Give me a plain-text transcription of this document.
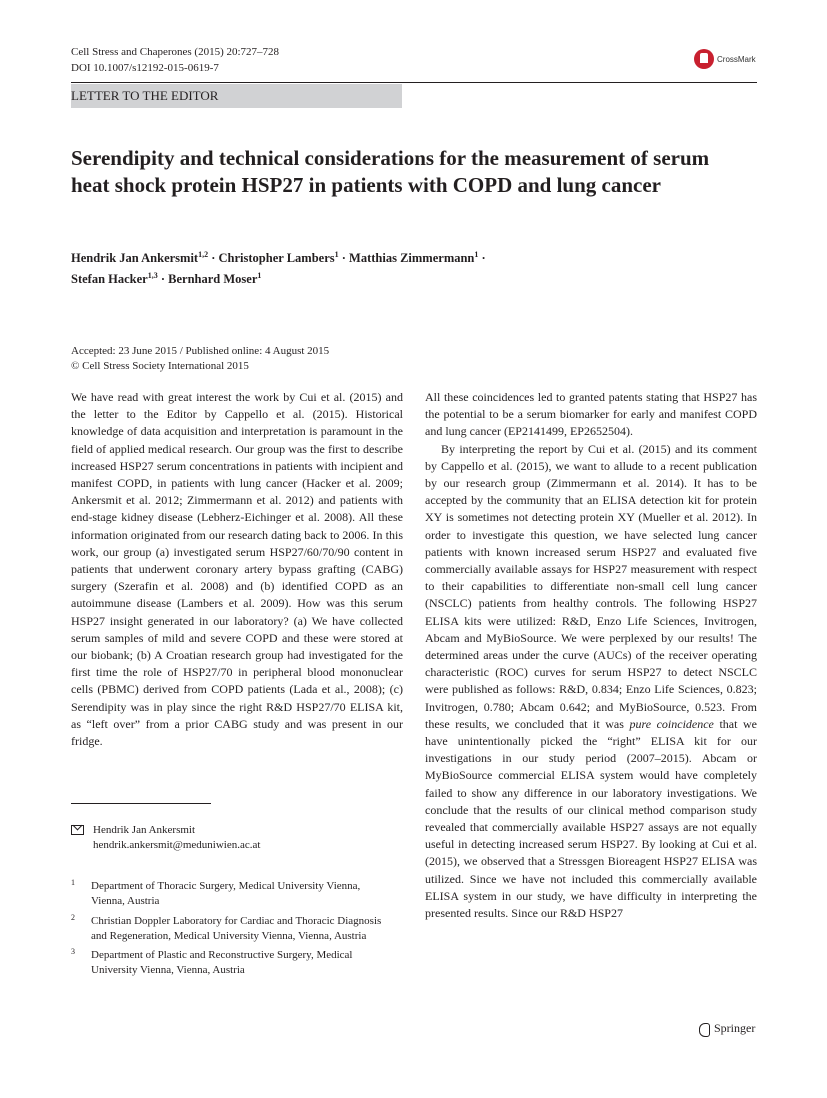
Cell Stress and Chaperones (2015) 20:727–728
DOI 10.1007/s12192-015-0619-7
CrossMark
LETTER TO THE EDITOR
Serendipity and technical considerations for the measurement of serum heat shock protein HSP27 in patients with COPD and lung cancer
Hendrik Jan Ankersmit$^{1,2}$ · Christopher Lambers$^1$ · Matthias Zimmermann$^1$ ·
Stefan Hacker$^{1,3}$ · Bernhard Moser$^1$
Accepted: 23 June 2015 / Published online: 4 August 2015
© Cell Stress Society International 2015

We have read with great interest the work by Cui et al. (2015) and the letter to the Editor by Cappello et al. (2015). Historical knowledge of data acquisition and interpretation is paramount in the field of applied medical research. Our group was the first to describe increased HSP27 serum concentrations in patients with incipient and manifest COPD, in patients with lung cancer (Hacker et al. 2009; Ankersmit et al. 2012; Zimmermann et al. 2012) and patients with end-stage kidney disease (Lebherz-Eichinger et al. 2008). All these information originated from our research dating back to 2006. In this work, our group (a) investigated serum HSP27/60/70/90 content in patients that underwent coronary artery bypass grafting (CABG) surgery (Szerafin et al. 2008) and (b) identified COPD as an autoimmune disease (Lambers et al. 2009). How was this serum HSP27 insight generated in our laboratory? (a) We have collected serum samples of mild and severe COPD and these were stored at our biobank; (b) A Croatian research group had investigated for the first time the role of HSP27/70 in peripheral blood mononuclear cells (PBMC) derived from COPD patients (Lada et al., 2008); (c) Serendipity was in play since the right R&D HSP27/70 ELISA kit, as “left over” from a prior CABG study and was present in our fridge.

All these coincidences led to granted patents stating that HSP27 has the potential to be a serum biomarker for early and manifest COPD and lung cancer (EP2141499, EP2652504).

By interpreting the report by Cui et al. (2015) and its comment by Cappello et al. (2015), we want to allude to a recent publication by our research group (Zimmermann et al. 2014). It has to be accepted by the community that an ELISA detection kit for protein XY is sometimes not detecting protein XY (Mueller et al. 2012). In order to investigate this question, we have selected lung cancer patients with known increased serum HSP27 and evaluated five commercially available assays for HSP27 measurement with respect to their capabilities to differentiate non-small cell lung cancer (NSCLC) patients from healthy controls. The following HSP27 ELISA kits were utilized: R&D, Enzo Life Sciences, Invitrogen, Abcam and MyBioSource. We were perplexed by our results! The determined areas under the curve (AUCs) of the receiver operating characteristic (ROC) curves for serum HSP27 to detect NSCLC were published as follows: R&D, 0.834; Enzo Life Sciences, 0.823; Invitrogen, 0.780; Abcam 0.642; and MyBioSource, 0.523. From these results, we concluded that it was pure coincidence that we have unintentionally picked the “right” ELISA kit for our investigations in our study period (2007–2015). Abcam or MyBioSource commercial ELISA system would have completely failed to show any difference in our laboratory investigations. We conclude that the results of our clinical method comparison study revealed that commercially available HSP27 assays are not equally useful in detecting increased serum HSP27. By looking at Cui et al. (2015), we observed that a Stressgen Bioreagent HSP27 ELISA was utilized. Since we have not included this commercially available ELISA system in our study, we have difficulty in interpreting the presented results. Since our R&D HSP27

Hendrik Jan Ankersmit
hendrik.ankersmit@meduniwien.ac.at
1 Department of Thoracic Surgery, Medical University Vienna,
Vienna, Austria
2 Christian Doppler Laboratory for Cardiac and Thoracic Diagnosis
and Regeneration, Medical University Vienna, Vienna, Austria
3 Department of Plastic and Reconstructive Surgery, Medical
University Vienna, Vienna, Austria
Springer
